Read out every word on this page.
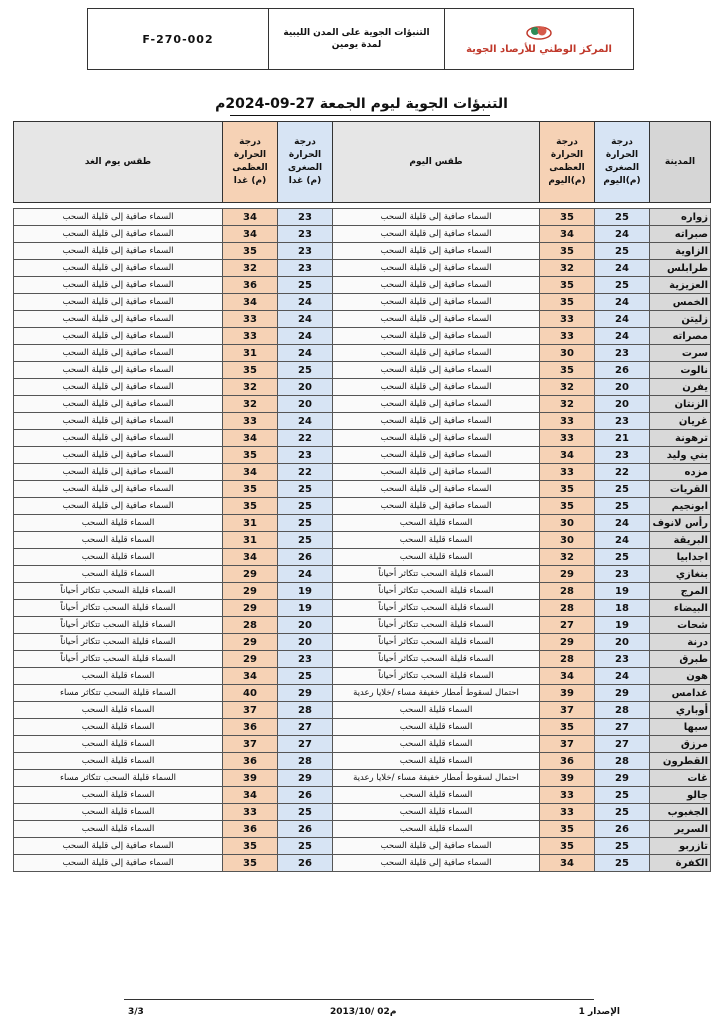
F-270-002	التنبؤات الجوية على المدن الليبية
لمدة يومين	المركز الوطني للأرصاد الجوية
التنبؤات الجوية ليوم الجمعة 27-09-2024م
المدينة	درجة الحرارة الصغرى (م)اليوم	درجة الحرارة العظمى (م)اليوم	طقس اليوم	درجة الحرارة الصغرى (م) غدا	درجة الحرارة العظمى (م) غدا	طقس يوم الغد

زواره	25	35	السماء صافية إلى قليلة السحب	23	34	السماء صافية إلى قليلة السحب
صبراته	24	34	السماء صافية إلى قليلة السحب	23	34	السماء صافية إلى قليلة السحب
الزاوية	25	35	السماء صافية إلى قليلة السحب	23	35	السماء صافية إلى قليلة السحب
طرابلس	24	32	السماء صافية إلى قليلة السحب	23	32	السماء صافية إلى قليلة السحب
العزيزية	25	35	السماء صافية إلى قليلة السحب	25	36	السماء صافية إلى قليلة السحب
الخمس	24	35	السماء صافية إلى قليلة السحب	24	34	السماء صافية إلى قليلة السحب
زليتن	24	33	السماء صافية إلى قليلة السحب	24	33	السماء صافية إلى قليلة السحب
مصراته	24	33	السماء صافية إلى قليلة السحب	24	33	السماء صافية إلى قليلة السحب
سرت	23	30	السماء صافية إلى قليلة السحب	24	31	السماء صافية إلى قليلة السحب
نالوت	26	35	السماء صافية إلى قليلة السحب	25	35	السماء صافية إلى قليلة السحب
يفرن	20	32	السماء صافية إلى قليلة السحب	20	32	السماء صافية إلى قليلة السحب
الزنتان	20	32	السماء صافية إلى قليلة السحب	20	32	السماء صافية إلى قليلة السحب
غريان	23	33	السماء صافية إلى قليلة السحب	24	33	السماء صافية إلى قليلة السحب
ترهونة	21	33	السماء صافية إلى قليلة السحب	22	34	السماء صافية إلى قليلة السحب
بني وليد	23	34	السماء صافية إلى قليلة السحب	23	35	السماء صافية إلى قليلة السحب
مزده	22	33	السماء صافية إلى قليلة السحب	22	34	السماء صافية إلى قليلة السحب
القريات	25	35	السماء صافية إلى قليلة السحب	25	35	السماء صافية إلى قليلة السحب
ابونجيم	25	35	السماء صافية إلى قليلة السحب	25	35	السماء صافية إلى قليلة السحب
رأس لانوف	24	30	السماء قليلة السحب	25	31	السماء قليلة السحب
البريقة	24	30	السماء قليلة السحب	25	31	السماء قليلة السحب
اجدابيا	25	32	السماء قليلة السحب	26	34	السماء قليلة السحب
بنغازي	23	29	السماء قليلة السحب تتكاثر أحياناً	24	29	السماء قليلة السحب
المرج	19	28	السماء قليلة السحب تتكاثر أحياناً	19	29	السماء قليلة السحب تتكاثر أحياناً
البيضاء	18	28	السماء قليلة السحب تتكاثر أحياناً	19	29	السماء قليلة السحب تتكاثر أحياناً
شحات	19	27	السماء قليلة السحب تتكاثر أحياناً	20	28	السماء قليلة السحب تتكاثر أحياناً
درنة	20	29	السماء قليلة السحب تتكاثر أحياناً	20	29	السماء قليلة السحب تتكاثر أحياناً
طبرق	23	28	السماء قليلة السحب تتكاثر أحياناً	23	29	السماء قليلة السحب تتكاثر أحياناً
هون	24	34	السماء قليلة السحب تتكاثر أحياناً	25	34	السماء قليلة السحب
غدامس	29	39	احتمال لسقوط أمطار خفيفة مساء /خلايا رعدية	29	40	السماء قليلة السحب تتكاثر مساء
أوباري	28	37	السماء قليلة السحب	28	37	السماء قليلة السحب
سبها	27	35	السماء قليلة السحب	27	36	السماء قليلة السحب
مرزق	27	37	السماء قليلة السحب	27	37	السماء قليلة السحب
القطرون	28	36	السماء قليلة السحب	28	36	السماء قليلة السحب
غات	29	39	احتمال لسقوط أمطار خفيفة مساء /خلايا رعدية	29	39	السماء قليلة السحب تتكاثر مساء
جالو	25	33	السماء قليلة السحب	26	34	السماء قليلة السحب
الجغبوب	25	33	السماء قليلة السحب	25	33	السماء قليلة السحب
السرير	26	35	السماء قليلة السحب	26	36	السماء قليلة السحب
تازربو	25	35	السماء صافية إلى قليلة السحب	25	35	السماء صافية إلى قليلة السحب
الكفرة	25	34	السماء صافية إلى قليلة السحب	26	35	السماء صافية إلى قليلة السحب
الإصدار 1
2013/10/ 02م
3/3
